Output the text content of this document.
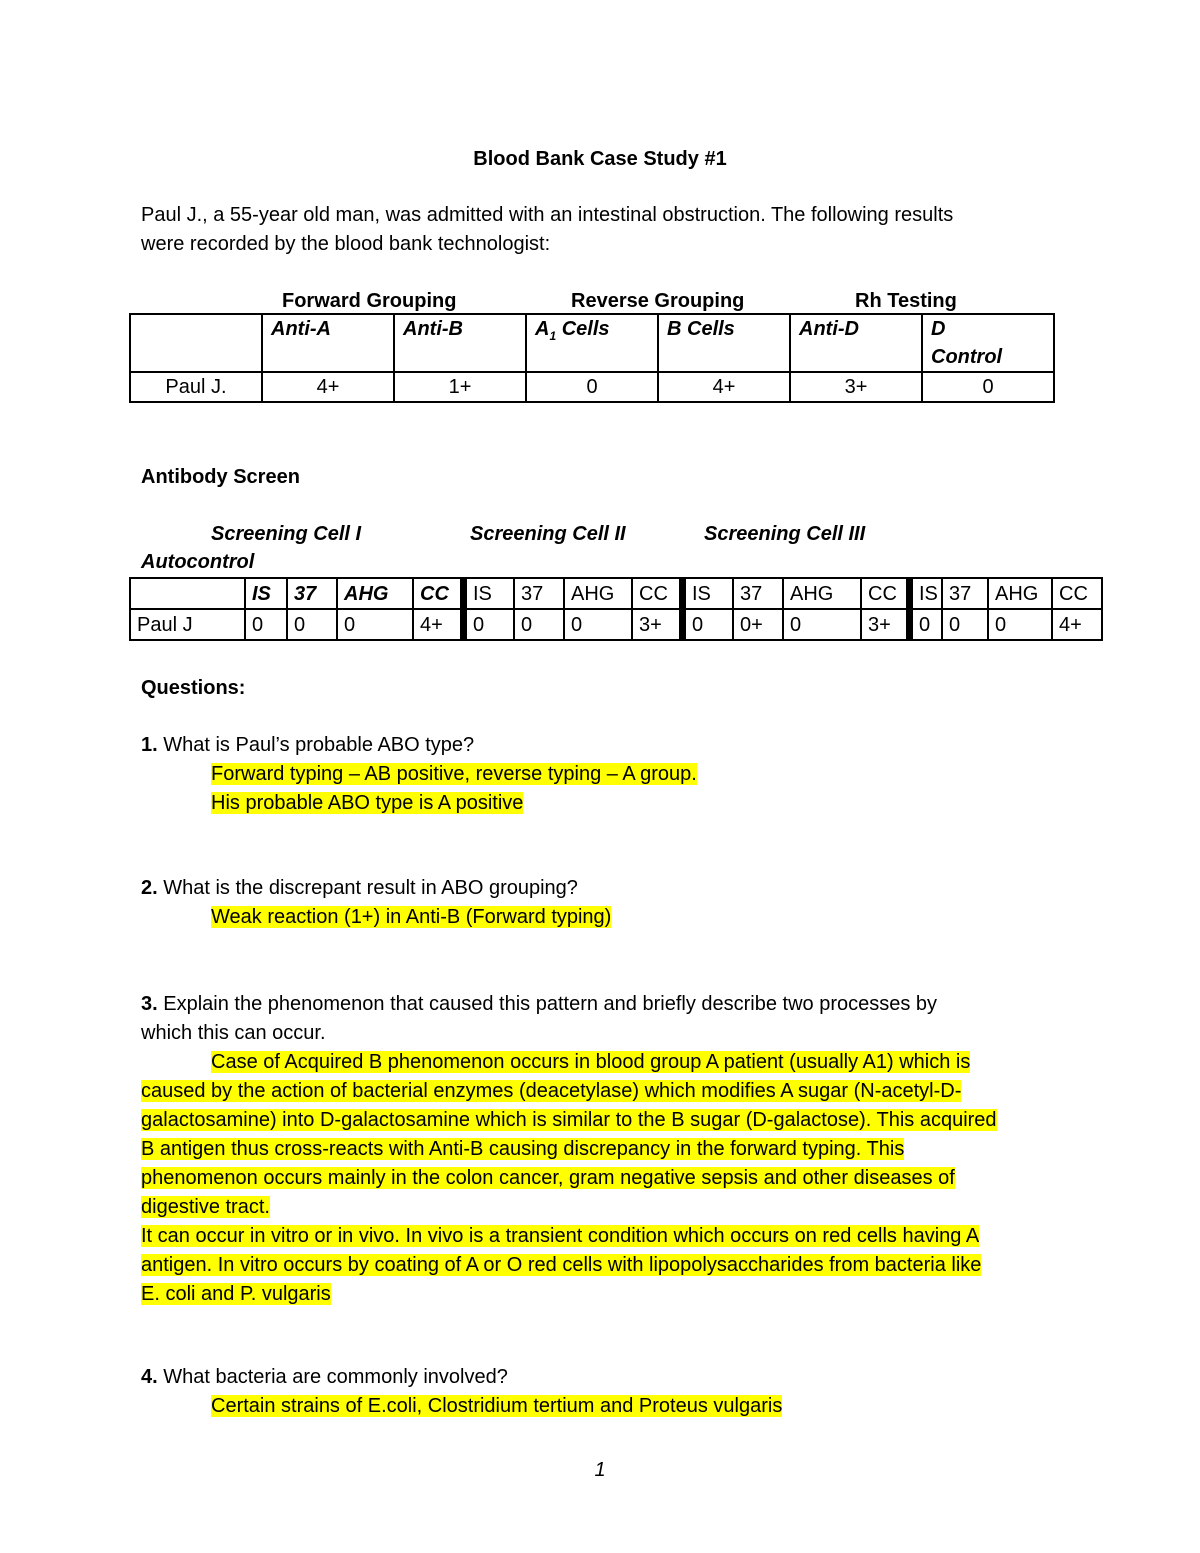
Blood Bank Case Study #1
Paul J., a 55-year old man, was admitted with an intestinal obstruction. The following results
were recorded by the blood bank technologist:
Forward Grouping	Reverse Grouping	Rh Testing
	Anti-A	Anti-B	$A_1$ Cells	B Cells	Anti-D	D
Control

Paul J.	4+	1+	0	4+	3+	0
Antibody Screen
Screening Cell I	Screening Cell II	Screening Cell III
Autocontrol
	IS	37	AHG	CC	IS	37	AHG	CC	IS	37	AHG	CC	IS	37	AHG	CC
Paul J	0	0	0	4+	0	0	0	3+	0	0+	0	3+	0	0	0	4+
Questions:
1. What is Paul’s probable ABO type?
Forward typing – AB positive, reverse typing – A group.
His probable ABO type is A positive
2. What is the discrepant result in ABO grouping?
Weak reaction (1+) in Anti-B (Forward typing)
3. Explain the phenomenon that caused this pattern and briefly describe two processes by
which this can occur.
Case of Acquired B phenomenon occurs in blood group A patient (usually A1) which is
caused by the action of bacterial enzymes (deacetylase) which modifies A sugar (N-acetyl-D-
galactosamine) into D-galactosamine which is similar to the B sugar (D-galactose). This acquired
B antigen thus cross-reacts with Anti-B causing discrepancy in the forward typing. This
phenomenon occurs mainly in the colon cancer, gram negative sepsis and other diseases of
digestive tract.
It can occur in vitro or in vivo. In vivo is a transient condition which occurs on red cells having A
antigen. In vitro occurs by coating of A or O red cells with lipopolysaccharides from bacteria like
E. coli and P. vulgaris
4. What bacteria are commonly involved?
Certain strains of E.coli, Clostridium tertium and Proteus vulgaris
1
